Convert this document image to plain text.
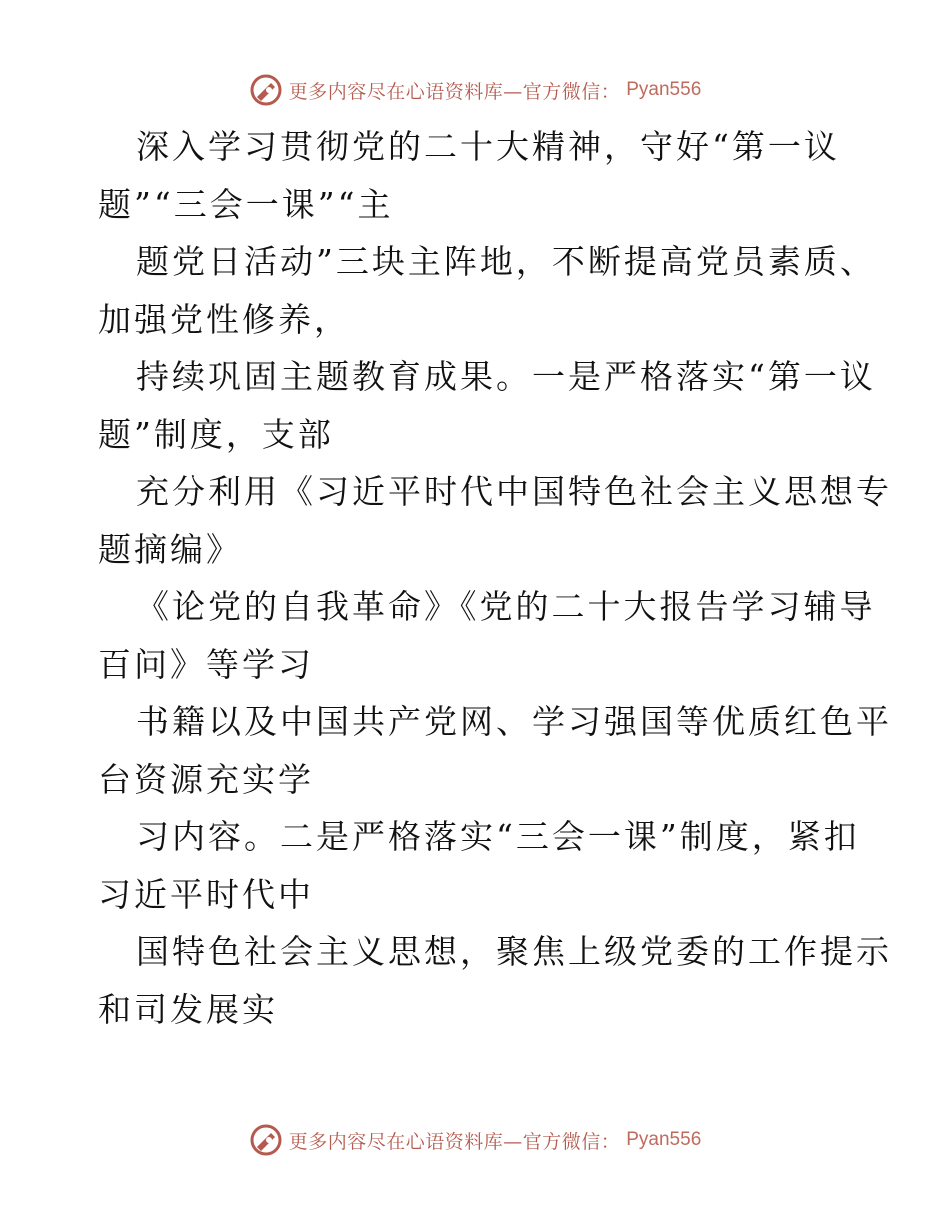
更多内容尽在心语资料库—官方微信： Pyan556

深入学习贯彻党的二十大精神，守好“第一议
题”“三会一课”“主

题党日活动”三块主阵地，不断提高党员素质、
加强党性修养，

持续巩固主题教育成果。一是严格落实“第一议
题”制度，支部

充分利用《习近平时代中国特色社会主义思想专
题摘编》

《论党的自我革命》《党的二十大报告学习辅导
百问》等学习

书籍以及中国共产党网、学习强国等优质红色平
台资源充实学

习内容。二是严格落实“三会一课”制度，紧扣
习近平时代中

国特色社会主义思想，聚焦上级党委的工作提示
和司发展实

更多内容尽在心语资料库—官方微信： Pyan556
